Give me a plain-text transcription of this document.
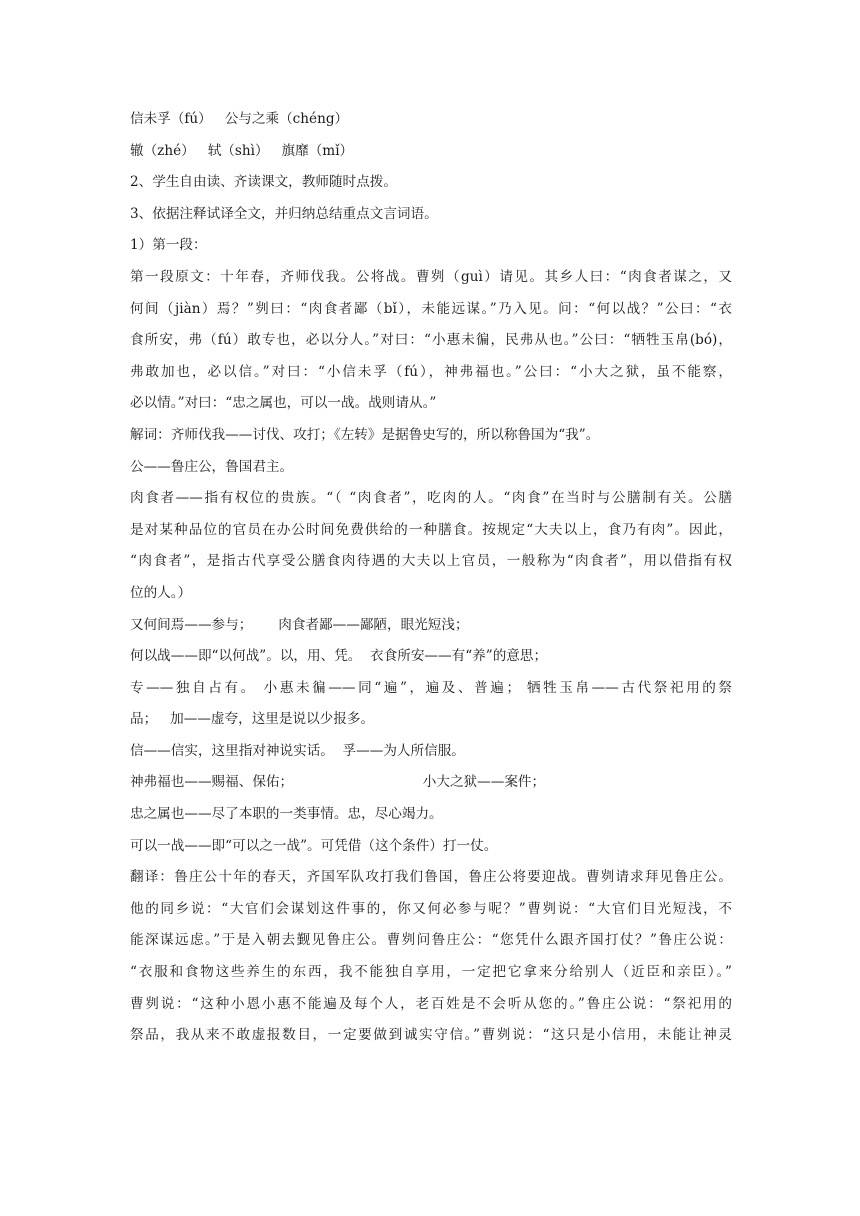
信未孚（fú）   公与之乘（chéng）
辙（zhé）   轼（shì）   旗靡（mǐ）
2、学生自由读、齐读课文，教师随时点拨。
3、依据注释试译全文，并归纳总结重点文言词语。
1）第一段：
第一段原文：十年春，齐师伐我。公将战。曹刿（guì）请见。其乡人曰：“肉食者谋之，又
何间（jiàn）焉？”刿曰：“肉食者鄙（bǐ），未能远谋。”乃入见。问：“何以战？”公曰：“衣
食所安，弗（fú）敢专也，必以分人。”对曰：“小惠未徧，民弗从也。”公曰：“牺牲玉帛(bó)，
弗敢加也，必以信。”对曰：“小信未孚（fú），神弗福也。”公曰：“小大之狱，虽不能察，
必以情。”对曰：“忠之属也，可以一战。战则请从。”
解词：齐师伐我——讨伐、攻打；《左转》是据鲁史写的，所以称鲁国为“我”。
公——鲁庄公，鲁国君主。
肉食者——指有权位的贵族。“（ “肉食者”，吃肉的人。“肉食”在当时与公膳制有关。公膳
是对某种品位的官员在办公时间免费供给的一种膳食。按规定“大夫以上，食乃有肉”。因此，
“肉食者”，是指古代享受公膳食肉待遇的大夫以上官员，一般称为“肉食者”，用以借指有权
位的人。）
又何间焉——参与；      肉食者鄙——鄙陋，眼光短浅；
何以战——即“以何战”。以，用、凭。  衣食所安——有“养”的意思；
专——独自占有。 小惠未徧——同“遍”，遍及、普遍； 牺牲玉帛——古代祭祀用的祭
品；   加——虚夸，这里是说以少报多。
信——信实，这里指对神说实话。  孚——为人所信服。
神弗福也——赐福、保佑；                              小大之狱——案件；
忠之属也——尽了本职的一类事情。忠，尽心竭力。
可以一战——即“可以之一战”。可凭借（这个条件）打一仗。
翻译：鲁庄公十年的春天，齐国军队攻打我们鲁国，鲁庄公将要迎战。曹刿请求拜见鲁庄公。
他的同乡说：“大官们会谋划这件事的，你又何必参与呢？”曹刿说：“大官们目光短浅，不
能深谋远虑。”于是入朝去觐见鲁庄公。曹刿问鲁庄公：“您凭什么跟齐国打仗？”鲁庄公说：
“衣服和食物这些养生的东西，我不能独自享用，一定把它拿来分给别人（近臣和亲臣）。”
曹刿说：“这种小恩小惠不能遍及每个人，老百姓是不会听从您的。”鲁庄公说：“祭祀用的
祭品，我从来不敢虚报数目，一定要做到诚实守信。”曹刿说：“这只是小信用，未能让神灵
